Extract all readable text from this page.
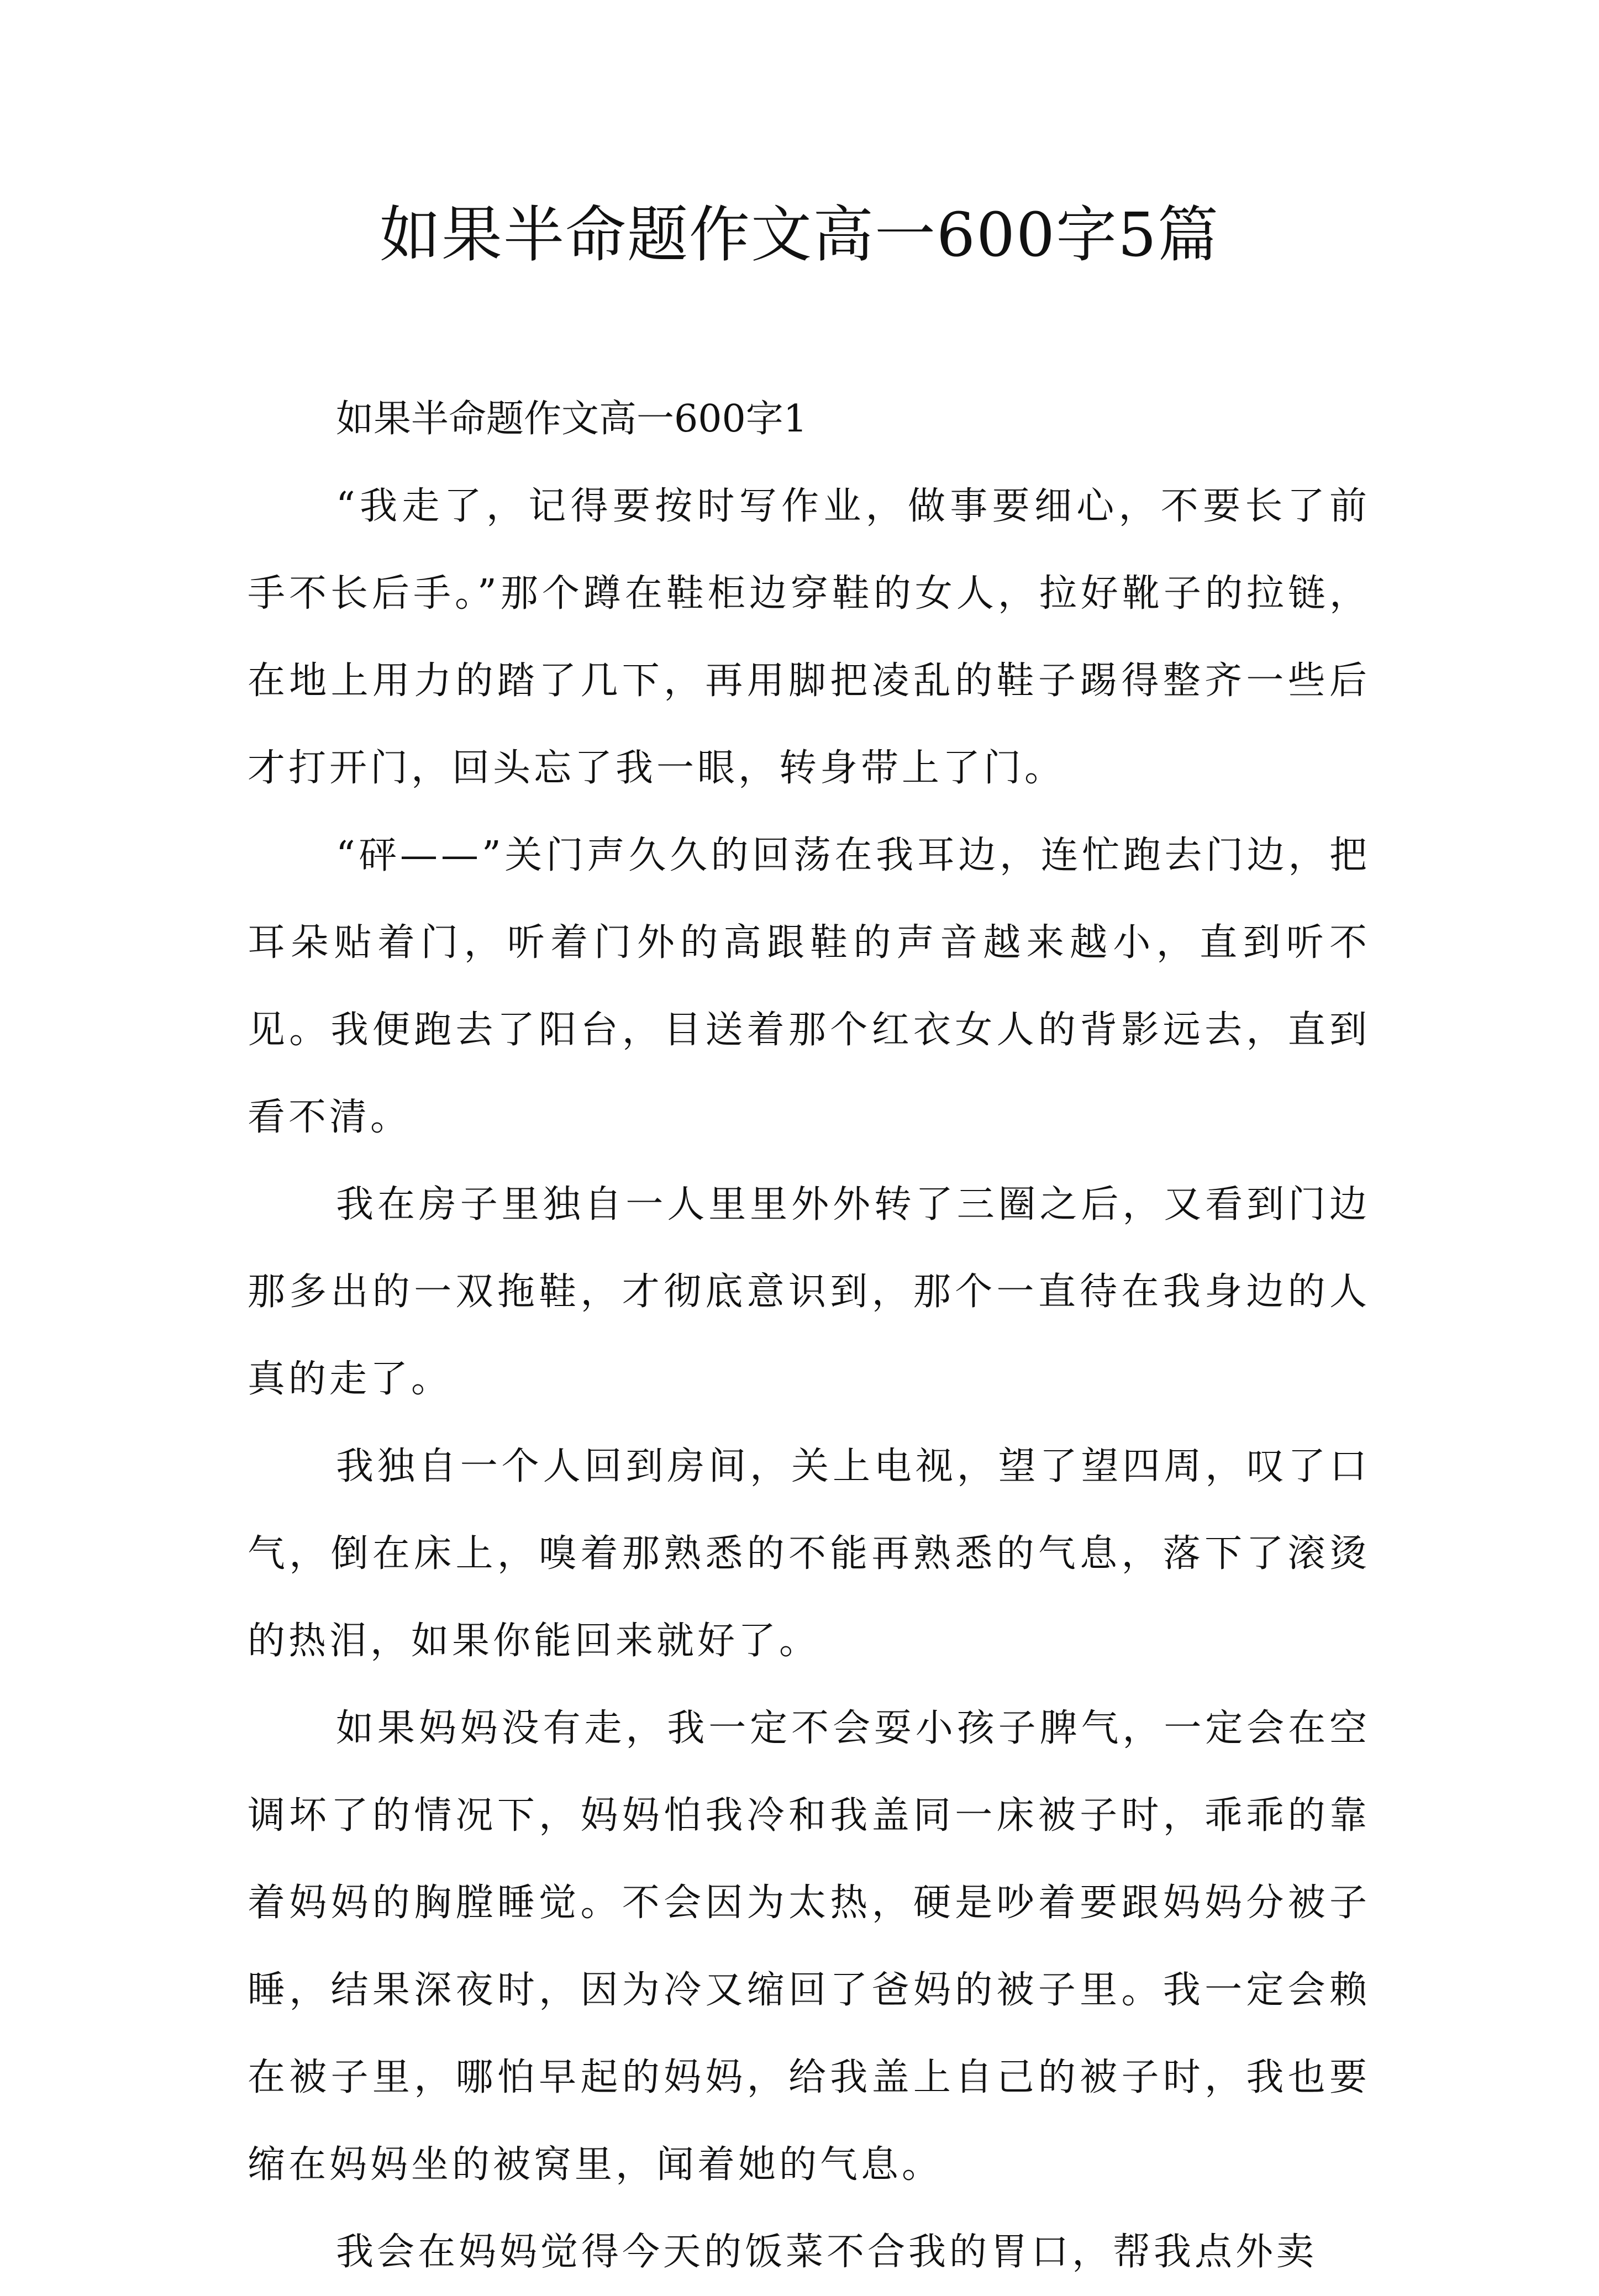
如果半命题作文高一600字5篇

如果半命题作文高一600字1

“我走了，记得要按时写作业，做事要细心，不要长了前手不长后手。”那个蹲在鞋柜边穿鞋的女人，拉好靴子的拉链，在地上用力的踏了几下，再用脚把凌乱的鞋子踢得整齐一些后才打开门，回头忘了我一眼，转身带上了门。

“砰——”关门声久久的回荡在我耳边，连忙跑去门边，把耳朵贴着门，听着门外的高跟鞋的声音越来越小，直到听不见。我便跑去了阳台，目送着那个红衣女人的背影远去，直到看不清。

我在房子里独自一人里里外外转了三圈之后，又看到门边那多出的一双拖鞋，才彻底意识到，那个一直待在我身边的人真的走了。

我独自一个人回到房间，关上电视，望了望四周，叹了口气，倒在床上，嗅着那熟悉的不能再熟悉的气息，落下了滚烫的热泪，如果你能回来就好了。

如果妈妈没有走，我一定不会耍小孩子脾气，一定会在空调坏了的情况下，妈妈怕我冷和我盖同一床被子时，乖乖的靠着妈妈的胸膛睡觉。不会因为太热，硬是吵着要跟妈妈分被子睡，结果深夜时，因为冷又缩回了爸妈的被子里。我一定会赖在被子里，哪怕早起的妈妈，给我盖上自己的被子时，我也要缩在妈妈坐的被窝里，闻着她的气息。

我会在妈妈觉得今天的饭菜不合我的胃口，帮我点外卖
